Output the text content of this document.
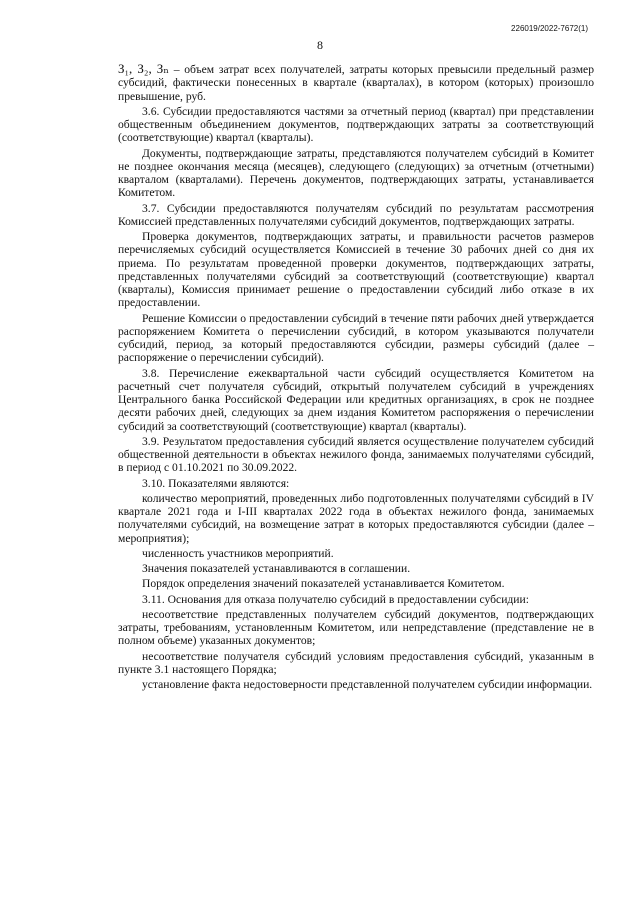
226019/2022-7672(1)
8

З₁, З₂, Зₙ – объем затрат всех получателей, затраты которых превысили предельный размер субсидий, фактически понесенных в квартале (кварталах), в котором (которых) произошло превышение, руб.

3.6. Субсидии предоставляются частями за отчетный период (квартал) при представлении общественным объединением документов, подтверждающих затраты за соответствующий (соответствующие) квартал (кварталы).

Документы, подтверждающие затраты, представляются получателем субсидий в Комитет не позднее окончания месяца (месяцев), следующего (следующих) за отчетным (отчетными) кварталом (кварталами). Перечень документов, подтверждающих затраты, устанавливается Комитетом.

3.7. Субсидии предоставляются получателям субсидий по результатам рассмотрения Комиссией представленных получателями субсидий документов, подтверждающих затраты.

Проверка документов, подтверждающих затраты, и правильности расчетов размеров перечисляемых субсидий осуществляется Комиссией в течение 30 рабочих дней со дня их приема. По результатам проведенной проверки документов, подтверждающих затраты, представленных получателями субсидий за соответствующий (соответствующие) квартал (кварталы), Комиссия принимает решение о предоставлении субсидий либо отказе в их предоставлении.

Решение Комиссии о предоставлении субсидий в течение пяти рабочих дней утверждается распоряжением Комитета о перечислении субсидий, в котором указываются получатели субсидий, период, за который предоставляются субсидии, размеры субсидий (далее – распоряжение о перечислении субсидий).

3.8. Перечисление ежеквартальной части субсидий осуществляется Комитетом на расчетный счет получателя субсидий, открытый получателем субсидий в учреждениях Центрального банка Российской Федерации или кредитных организациях, в срок не позднее десяти рабочих дней, следующих за днем издания Комитетом распоряжения о перечислении субсидий за соответствующий (соответствующие) квартал (кварталы).

3.9. Результатом предоставления субсидий является осуществление получателем субсидий общественной деятельности в объектах нежилого фонда, занимаемых получателями субсидий, в период с 01.10.2021 по 30.09.2022.

3.10. Показателями являются:

количество мероприятий, проведенных либо подготовленных получателями субсидий в IV квартале 2021 года и I-III кварталах 2022 года в объектах нежилого фонда, занимаемых получателями субсидий, на возмещение затрат в которых предоставляются субсидии (далее – мероприятия);

численность участников мероприятий.

Значения показателей устанавливаются в соглашении.

Порядок определения значений показателей устанавливается Комитетом.

3.11. Основания для отказа получателю субсидий в предоставлении субсидии:

несоответствие представленных получателем субсидий документов, подтверждающих затраты, требованиям, установленным Комитетом, или непредставление (представление не в полном объеме) указанных документов;

несоответствие получателя субсидий условиям предоставления субсидий, указанным в пункте 3.1 настоящего Порядка;

установление факта недостоверности представленной получателем субсидии информации.
